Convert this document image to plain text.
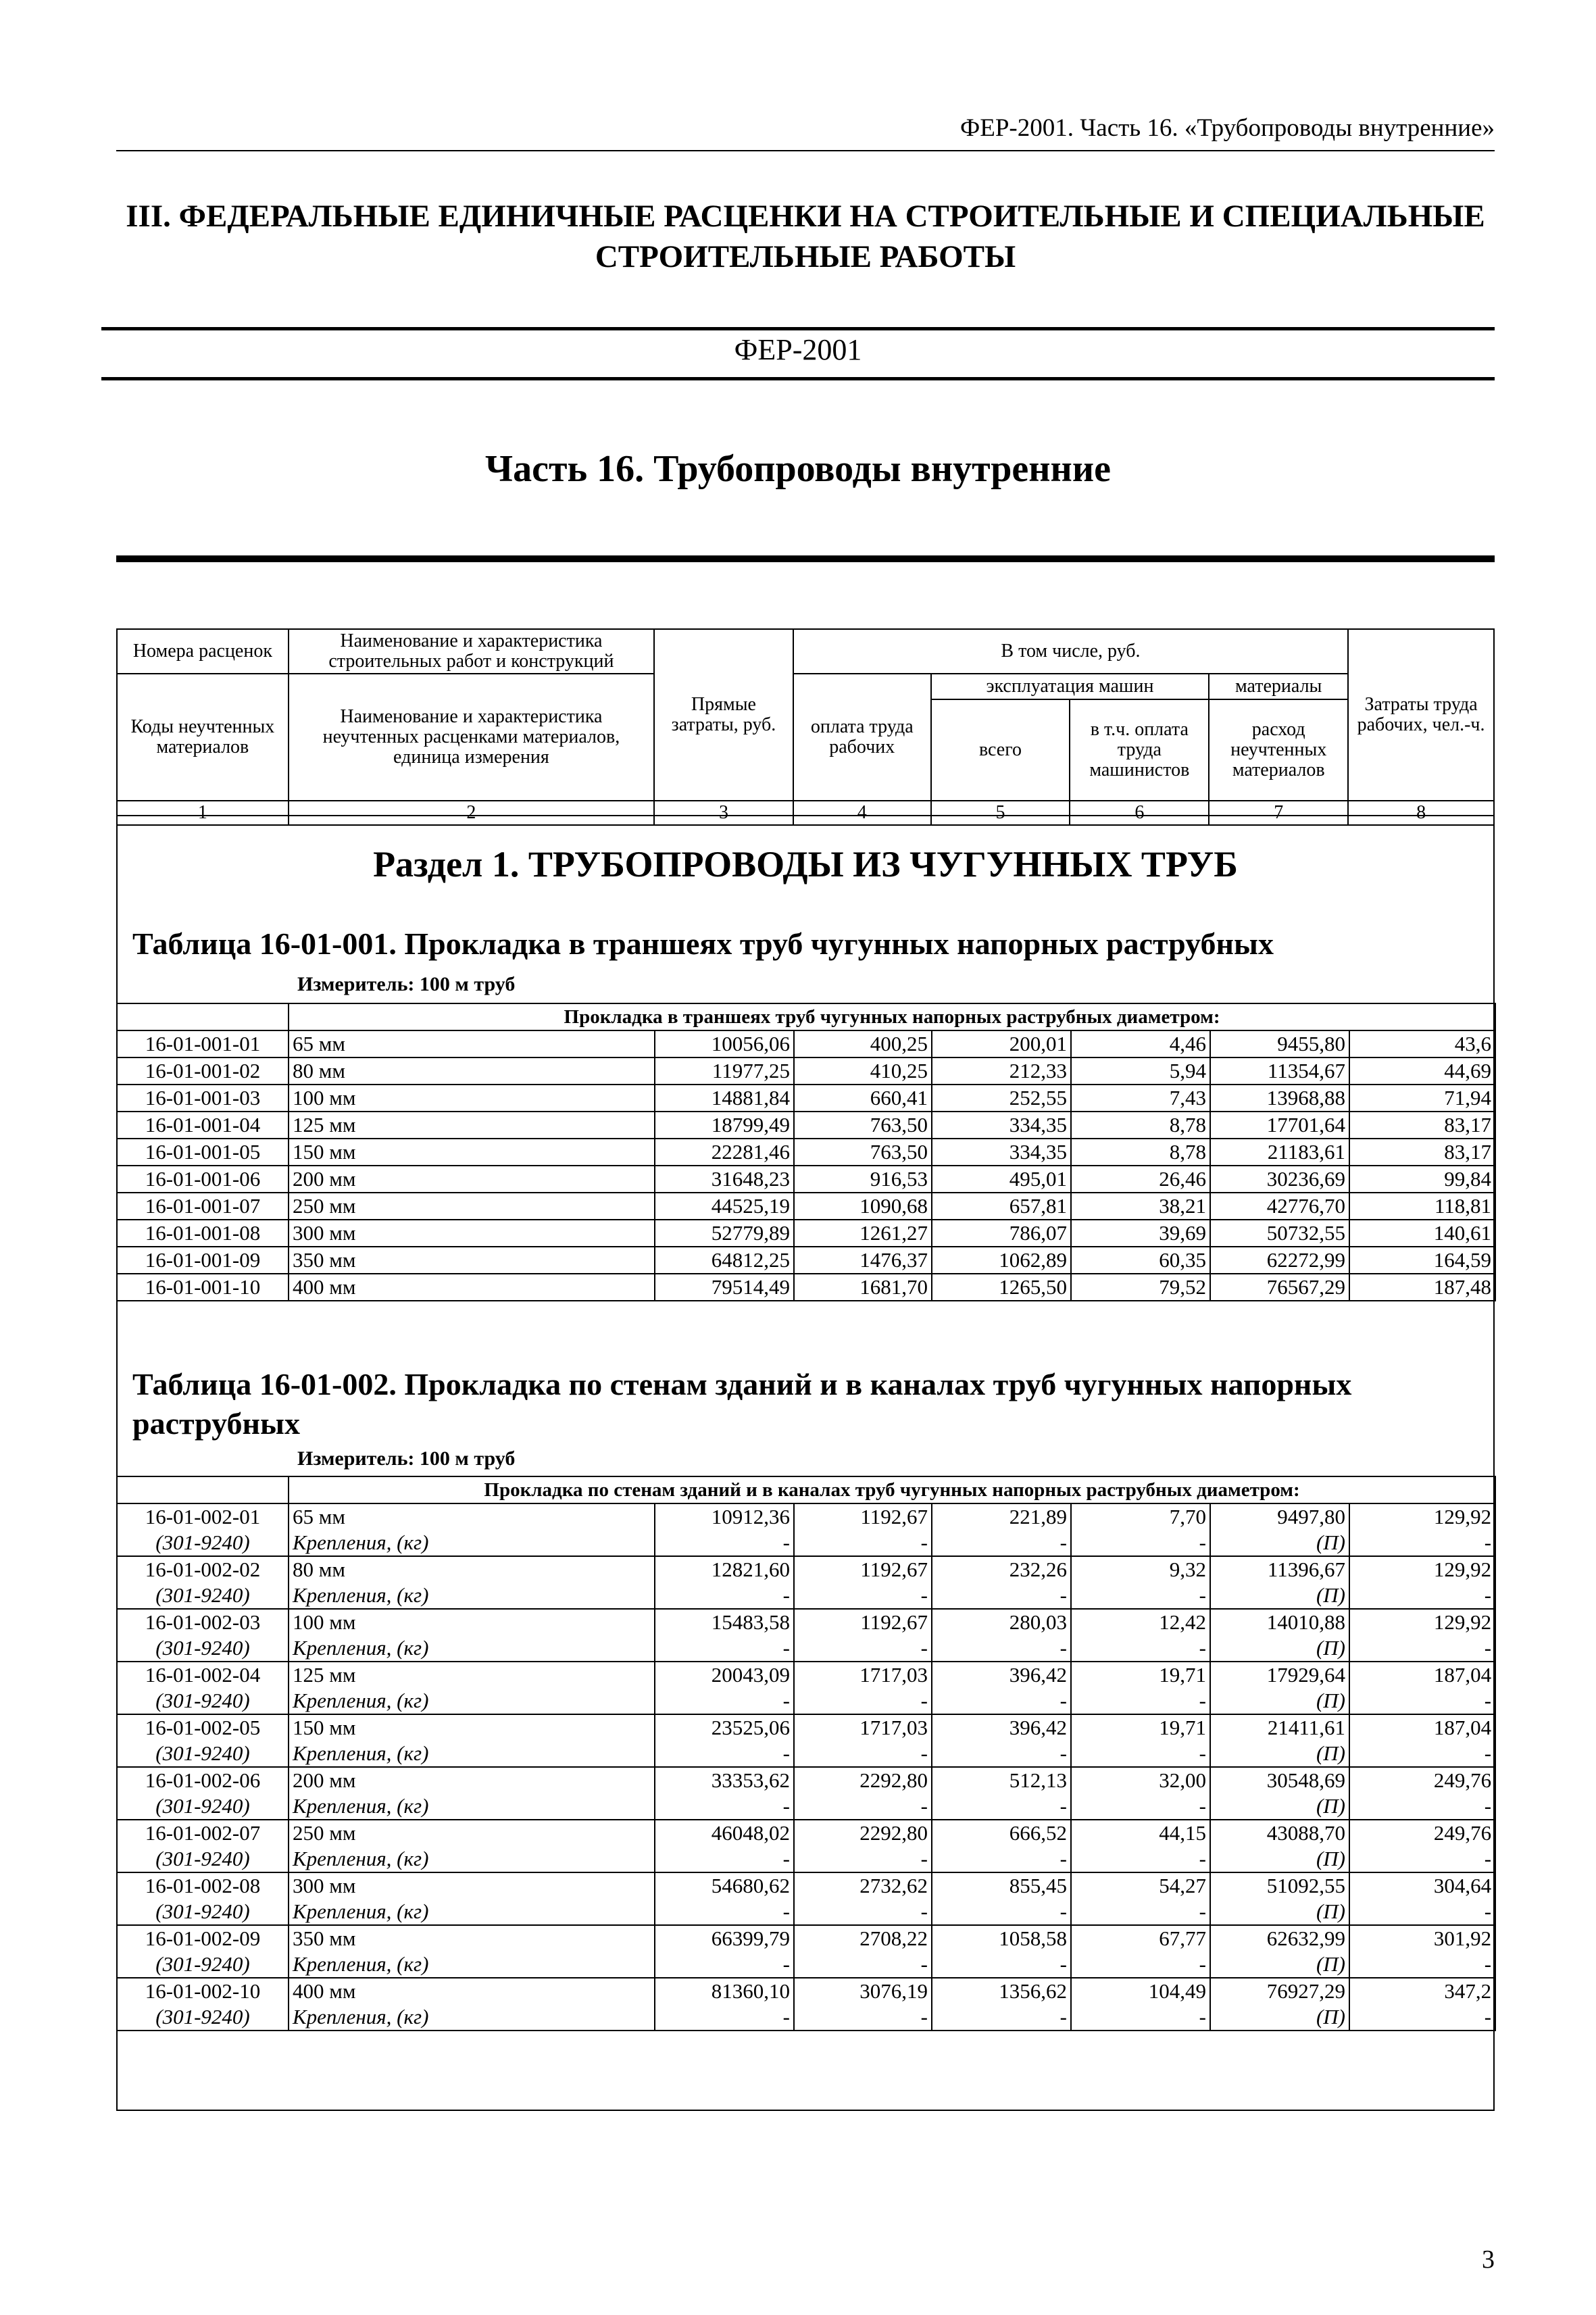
ФЕР-2001. Часть 16. «Трубопроводы внутренние»
III. ФЕДЕРАЛЬНЫЕ ЕДИНИЧНЫЕ РАСЦЕНКИ НА СТРОИТЕЛЬНЫЕ И СПЕЦИАЛЬНЫЕ СТРОИТЕЛЬНЫЕ РАБОТЫ
ФЕР-2001
Часть 16. Трубопроводы внутренние
Номера расценок	Наименование и характеристика строительных работ и конструкций	Прямые затраты, руб.	В том числе, руб.				Затраты труда рабочих, чел.-ч.
Коды неучтенных материалов	Наименование и характеристика неучтенных расценками материалов, единица измерения		оплата труда рабочих	эксплуатация машин		материалы	
				всего	в т.ч. оплата труда машинистов	расход неучтенных материалов	
1	2	3	4	5	6	7	8
Раздел 1. ТРУБОПРОВОДЫ ИЗ ЧУГУННЫХ ТРУБ
Таблица 16-01-001. Прокладка в траншеях труб чугунных напорных раструбных
Измеритель: 100 м труб
	Прокладка в траншеях труб чугунных напорных раструбных диаметром:						
16-01-001-01	65 мм	10056,06	400,25	200,01	4,46	9455,80	43,6
16-01-001-02	80 мм	11977,25	410,25	212,33	5,94	11354,67	44,69
16-01-001-03	100 мм	14881,84	660,41	252,55	7,43	13968,88	71,94
16-01-001-04	125 мм	18799,49	763,50	334,35	8,78	17701,64	83,17
16-01-001-05	150 мм	22281,46	763,50	334,35	8,78	21183,61	83,17
16-01-001-06	200 мм	31648,23	916,53	495,01	26,46	30236,69	99,84
16-01-001-07	250 мм	44525,19	1090,68	657,81	38,21	42776,70	118,81
16-01-001-08	300 мм	52779,89	1261,27	786,07	39,69	50732,55	140,61
16-01-001-09	350 мм	64812,25	1476,37	1062,89	60,35	62272,99	164,59
16-01-001-10	400 мм	79514,49	1681,70	1265,50	79,52	76567,29	187,48
Таблица 16-01-002. Прокладка по стенам зданий и в каналах труб чугунных напорных раструбных
Измеритель: 100 м труб
	Прокладка по стенам зданий и в каналах труб чугунных напорных раструбных диаметром:						
16-01-002-01	65 мм	10912,36	1192,67	221,89	7,70	9497,80	129,92
(301-9240)	Крепления, (кг)	-	-	-	-	(П)	-
16-01-002-02	80 мм	12821,60	1192,67	232,26	9,32	11396,67	129,92
(301-9240)	Крепления, (кг)	-	-	-	-	(П)	-
16-01-002-03	100 мм	15483,58	1192,67	280,03	12,42	14010,88	129,92
(301-9240)	Крепления, (кг)	-	-	-	-	(П)	-
16-01-002-04	125 мм	20043,09	1717,03	396,42	19,71	17929,64	187,04
(301-9240)	Крепления, (кг)	-	-	-	-	(П)	-
16-01-002-05	150 мм	23525,06	1717,03	396,42	19,71	21411,61	187,04
(301-9240)	Крепления, (кг)	-	-	-	-	(П)	-
16-01-002-06	200 мм	33353,62	2292,80	512,13	32,00	30548,69	249,76
(301-9240)	Крепления, (кг)	-	-	-	-	(П)	-
16-01-002-07	250 мм	46048,02	2292,80	666,52	44,15	43088,70	249,76
(301-9240)	Крепления, (кг)	-	-	-	-	(П)	-
16-01-002-08	300 мм	54680,62	2732,62	855,45	54,27	51092,55	304,64
(301-9240)	Крепления, (кг)	-	-	-	-	(П)	-
16-01-002-09	350 мм	66399,79	2708,22	1058,58	67,77	62632,99	301,92
(301-9240)	Крепления, (кг)	-	-	-	-	(П)	-
16-01-002-10	400 мм	81360,10	3076,19	1356,62	104,49	76927,29	347,2
(301-9240)	Крепления, (кг)	-	-	-	-	(П)	-
3
